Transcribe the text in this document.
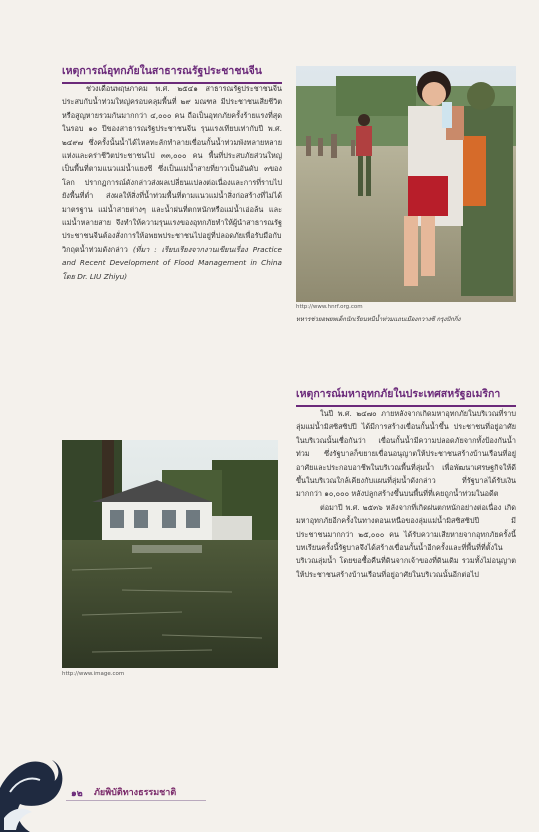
เหตุการณ์อุทกภัยในสาธารณรัฐประชาชนจีน

ช่วงเดือนพฤษภาคม พ.ศ. ๒๕๔๑ สาธารณรัฐประชาชนจีนประสบกับน้ำท่วมใหญ่ครอบคลุมพื้นที่ ๒๙ มณฑล มีประชาชนเสียชีวิตหรือสูญหายรวมกันมากกว่า ๔,๐๐๐ คน ถือเป็นอุทกภัยครั้งร้ายแรงที่สุดในรอบ ๑๐ ปีของสาธารณรัฐประชาชนจีน รุนแรงเทียบเท่ากับปี พ.ศ. ๒๔๙๗ ซึ่งครั้งนั้นน้ำได้ไหลทะลักทำลายเขื่อนกั้นน้ำท่วมพังทลายหลายแห่งและคร่าชีวิตประชาชนไป ๓๓,๐๐๐ คน พื้นที่ประสบภัยส่วนใหญ่เป็นพื้นที่ตามแนวแม่น้ำแยงซี ซึ่งเป็นแม่น้ำสายที่ยาวเป็นอันดับ ๓ของโลก ปรากฏการณ์ดังกล่าวส่งผลเปลี่ยนแปลงต่อเนื่องและการที่ราบไปยังพื้นที่ต่ำ ส่งผลให้สิ่งที่น้ำท่วมพื้นที่ตามแนวแม่น้ำสิ่งก่อสร้างที่ไม่ได้มาตรฐาน แม่น้ำสายต่างๆ และน้ำฝนที่ตกหนักหรือแม่น้ำเอ่อล้น และแม่น้ำหลายสาย จึงทำให้ความรุนแรงของอุทกภัยทำให้ผู้นำสาธารณรัฐประชาชนจีนต้องสั่งการให้อพยพประชาชนไปอยู่ที่ปลอดภัยเพื่อรับมือกับวิกฤตน้ำท่วมดังกล่าว (ที่มา : เรียบเรียงจากงานเขียนเรื่อง Practice and Recent Development of Flood Management in China โดย Dr. LIU Zhiyu)

http://www.hnrf.org.com
ทหารช่วยอพยพเด็กนักเรียนหนีน้ำท่วมแถบเมืองกวางซี กรุงปักกิ่ง
เหตุการณ์มหาอุทกภัยในประเทศสหรัฐอเมริกา

ในปี พ.ศ. ๒๔๗๐ ภายหลังจากเกิดมหาอุทกภัยในบริเวณที่ราบลุ่มแม่น้ำมิสซิสซิปปี ได้มีการสร้างเขื่อนกั้นน้ำขึ้น ประชาชนที่อยู่อาศัยในบริเวณนั้นเชื่อกันว่า เขื่อนกั้นน้ำมีความปลอดภัยจากทั้งป้องกันน้ำท่วม ซึ่งรัฐบาลก็ขยายเขื่อนอนุญาตให้ประชาชนสร้างบ้านเรือนที่อยู่อาศัยและประกอบอาชีพในบริเวณพื้นที่ลุ่มน้ำ เพื่อพัฒนาเศรษฐกิจให้ดีขึ้นในบริเวณใกล้เคียงกับแผนที่ลุ่มน้ำดังกล่าว ที่รัฐบาลได้รับเงินมากกว่า ๑๐,๐๐๐ หลังปลูกสร้างขึ้นบนพื้นที่ที่เคยถูกน้ำท่วมในอดีต

ต่อมาปี พ.ศ. ๒๕๓๖ หลังจากที่เกิดฝนตกหนักอย่างต่อเนื่อง เกิดมหาอุทกภัยอีกครั้งในทางตอนเหนือของลุ่มแม่น้ำมิสซิสซิปปี มีประชาชนมากกว่า ๒๕,๐๐๐ คน ได้รับความเสียหายจากอุทกภัยครั้งนี้ บทเรียนครั้งนี้รัฐบาลจึงได้สร้างเขื่อนกั้นน้ำอีกครั้งและที่พื้นที่ที่ตั้งในบริเวณลุ่มน้ำ โดยขอซื้อคืนที่ดินจากเจ้าของที่ดินเดิม รวมทั้งไม่อนุญาตให้ประชาชนสร้างบ้านเรือนที่อยู่อาศัยในบริเวณนั้นอีกต่อไป

http://www.image.com
๑๒ ภัยพิบัติทางธรรมชาติ
